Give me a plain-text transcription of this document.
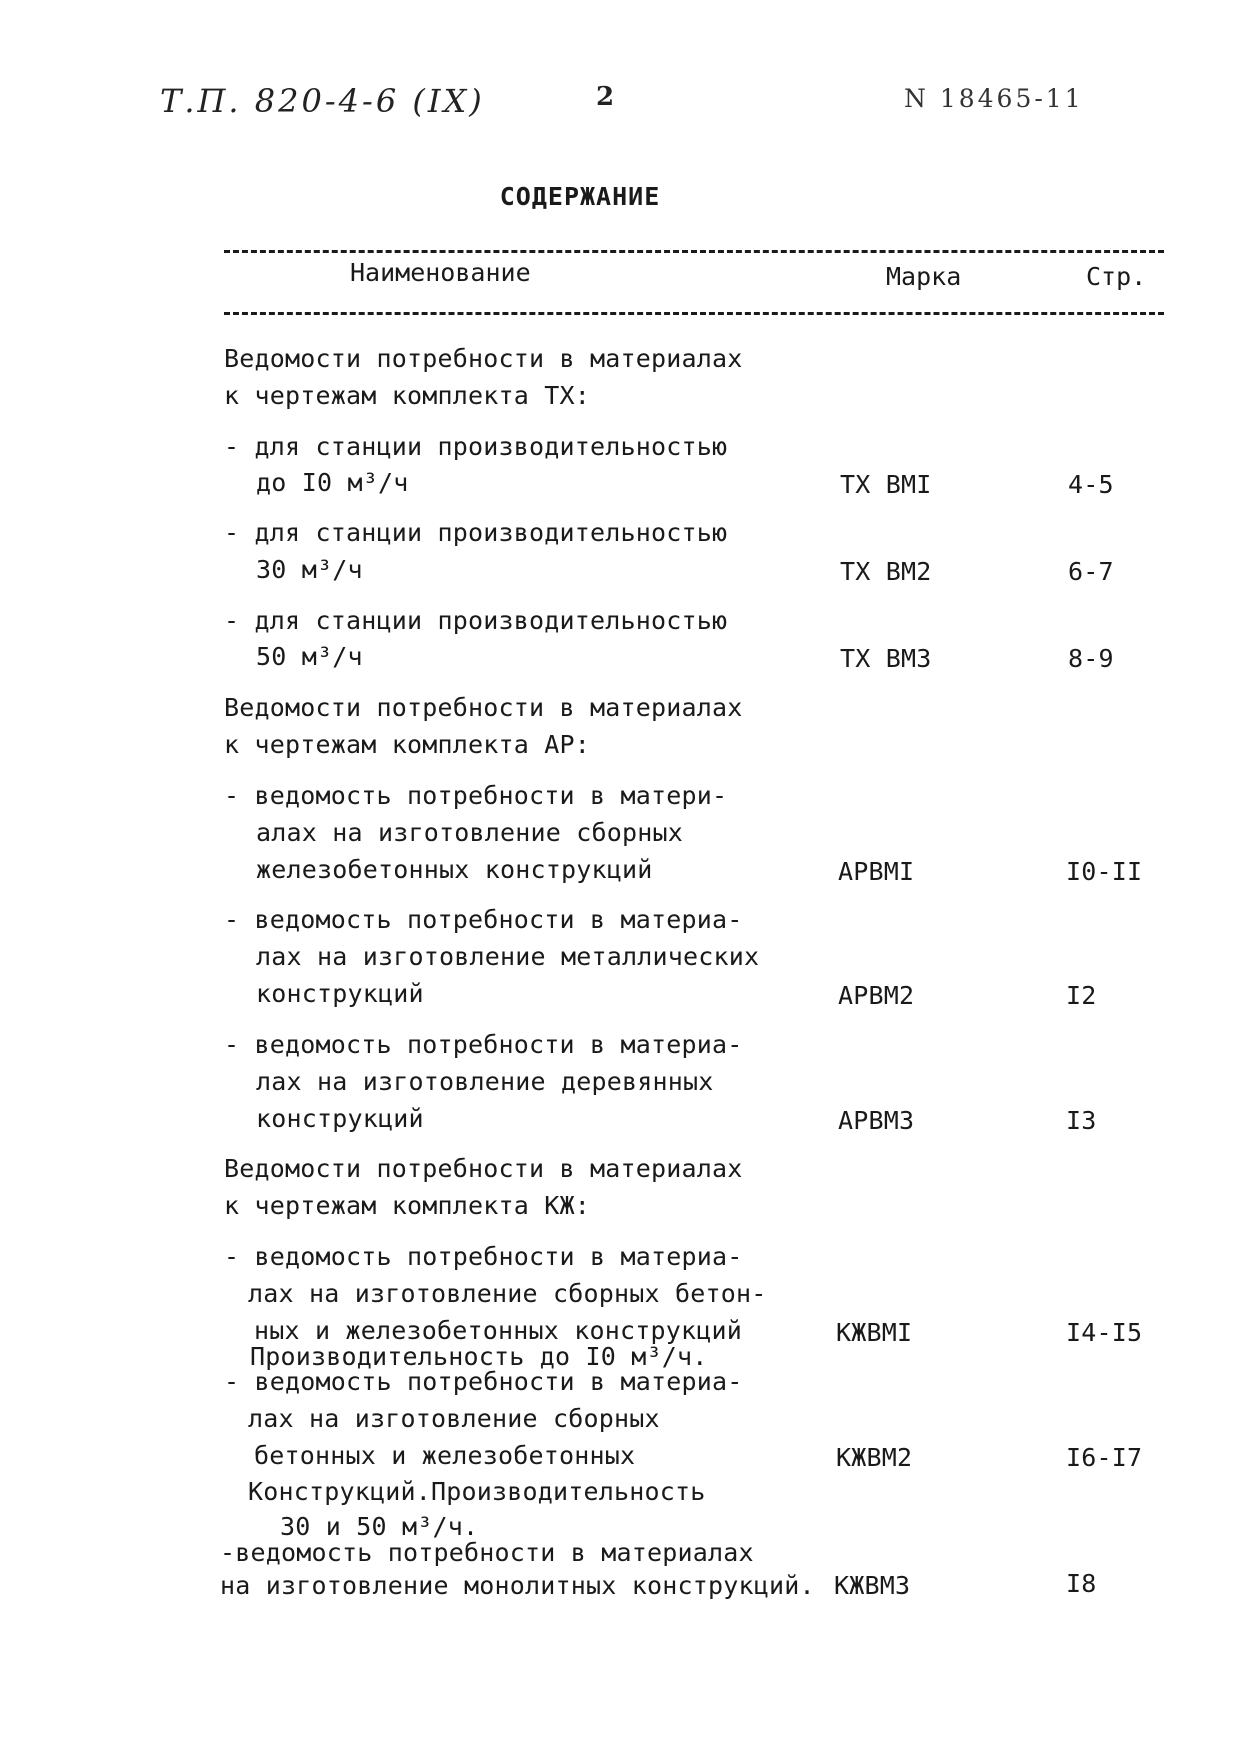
Т.П. 820-4-6 (IX)	2	N 18465-11
СОДЕРЖАНИЕ
Наименование	Марка	Стр.
Ведомости потребности в материалах
к чертежам комплекта ТХ:
- для станции производительностью
до I0 м³/ч	ТХ ВМI	4-5
- для станции производительностью
30 м³/ч	ТХ ВМ2	6-7
- для станции производительностью
50 м³/ч	ТХ ВМ3	8-9
Ведомости потребности в материалах
к чертежам комплекта АР:
- ведомость потребности в матери-
алах на изготовление сборных
железобетонных конструкций	АРВМI	I0-II
- ведомость потребности в материа-
лах на изготовление металлических
конструкций	АРВМ2	I2
- ведомость потребности в материа-
лах на изготовление деревянных
конструкций	АРВМ3	I3
Ведомости потребности в материалах
к чертежам комплекта КЖ:
- ведомость потребности в материа-
лах на изготовление сборных бетон-
ных и железобетонных конструкций
Производительность до I0 м³/ч.
КЖВМI	I4-I5
- ведомость потребности в материа-
лах на изготовление сборных
бетонных и железобетонных
Конструкций.Производительность
30 и 50 м³/ч.
КЖВМ2	I6-I7
-ведомость потребности в материалах
на изготовление монолитных конструкций. КЖВМ3	I8
